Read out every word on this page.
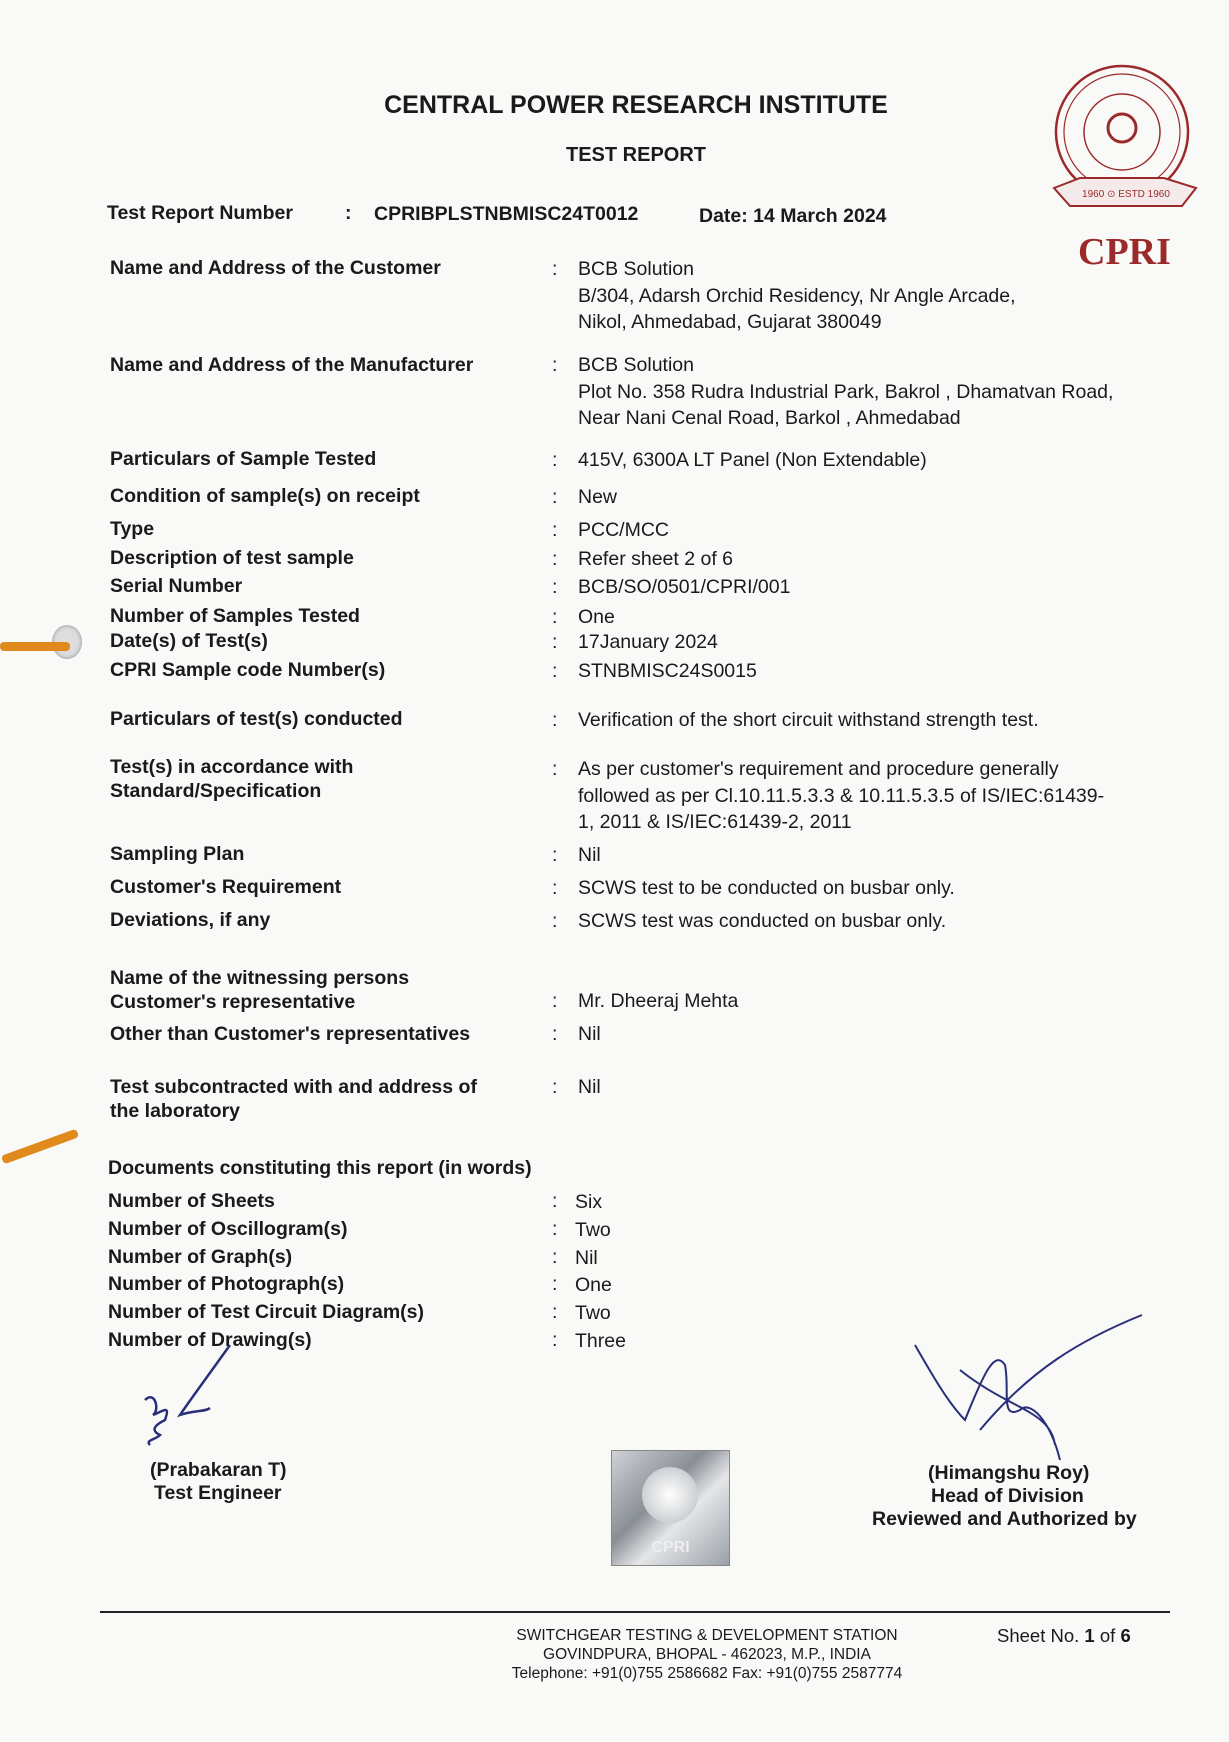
CENTRAL POWER RESEARCH INSTITUTE
TEST REPORT
Test Report Number	: CPRIBPLSTNBMISC24T0012	Date: 14 March 2024
1960 ⊙ ESTD 1960
CPRI
Name and Address of the Customer	: BCB Solution
B/304, Adarsh Orchid Residency, Nr Angle Arcade,
Nikol, Ahmedabad, Gujarat 380049
Name and Address of the Manufacturer	: BCB Solution
Plot No. 358 Rudra Industrial Park, Bakrol , Dhamatvan Road,
Near Nani Cenal Road, Barkol , Ahmedabad
Particulars of Sample Tested	: 415V, 6300A LT Panel (Non Extendable)
Condition of sample(s) on receipt	: New
Type	: PCC/MCC
Description of test sample	: Refer sheet 2 of 6
Serial Number	: BCB/SO/0501/CPRI/001
Number of Samples Tested	: One
Date(s) of Test(s)	: 17January 2024
CPRI Sample code Number(s)	: STNBMISC24S0015
Particulars of test(s) conducted	: Verification of the short circuit withstand strength test.
Test(s) in accordance with
Standard/Specification
: As per customer's requirement and procedure generally
followed as per Cl.10.11.5.3.3 & 10.11.5.3.5 of IS/IEC:61439-
1, 2011 & IS/IEC:61439-2, 2011
Sampling Plan	: Nil
Customer's Requirement	: SCWS test to be conducted on busbar only.
Deviations, if any	: SCWS test was conducted on busbar only.
Name of the witnessing persons
Customer's representative	: Mr. Dheeraj Mehta
Other than Customer's representatives	: Nil
Test subcontracted with and address of
the laboratory
: Nil
Documents constituting this report (in words)
Number of Sheets	: Six
Number of Oscillogram(s)	: Two
Number of Graph(s)	: Nil
Number of Photograph(s)	: One
Number of Test Circuit Diagram(s)	: Two
Number of Drawing(s)	: Three
(Prabakaran T)
Test Engineer
CPRI
(Himangshu Roy)
Head of Division
Reviewed and Authorized by
SWITCHGEAR TESTING & DEVELOPMENT STATION
GOVINDPURA, BHOPAL - 462023, M.P., INDIA
Telephone: +91(0)755 2586682 Fax: +91(0)755 2587774
Sheet No. 1 of 6
